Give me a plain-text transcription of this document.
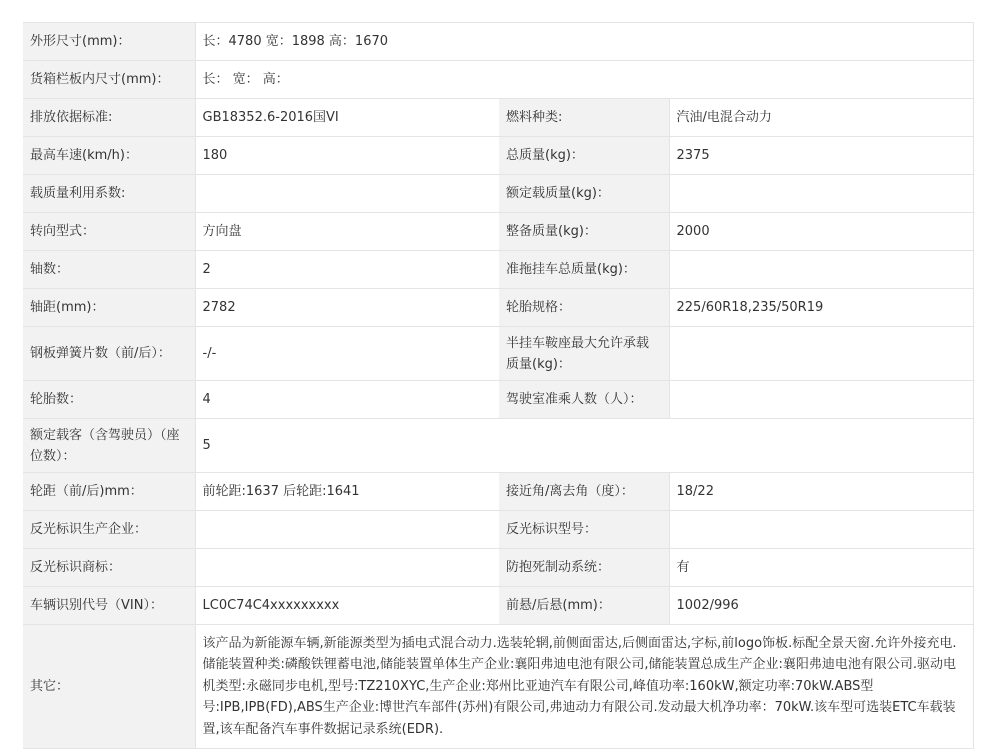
外形尺寸(mm)：	长：4780 宽：1898 高：1670		
货箱栏板内尺寸(mm)：	长： 宽： 高：		
排放依据标准:	GB18352.6-2016国VI	燃料种类:	汽油/电混合动力
最高车速(km/h)：	180	总质量(kg)：	2375
载质量利用系数:		额定载质量(kg)：	
转向型式：	方向盘	整备质量(kg)：	2000
轴数：	2	准拖挂车总质量(kg)：	
轴距(mm)：	2782	轮胎规格：	225/60R18,235/50R19
钢板弹簧片数（前/后）：	-/-	半挂车鞍座最大允许承载质量(kg)：	
轮胎数：	4	驾驶室准乘人数（人）：	
额定载客（含驾驶员）（座位数）：	5		
轮距（前/后)mm：	前轮距:1637 后轮距:1641	接近角/离去角（度）：	18/22
反光标识生产企业：		反光标识型号：	
反光标识商标：		防抱死制动系统：	有
车辆识别代号（VIN）：	LC0C74C4xxxxxxxxx	前悬/后悬(mm)：	1002/996
其它：	该产品为新能源车辆,新能源类型为插电式混合动力.选装轮辋,前侧面雷达,后侧面雷达,字标,前logo饰板.标配全景天窗.允许外接充电.储能装置种类:磷酸铁锂蓄电池,储能装置单体生产企业:襄阳弗迪电池有限公司,储能装置总成生产企业:襄阳弗迪电池有限公司.驱动电机类型:永磁同步电机,型号:TZ210XYC,生产企业:郑州比亚迪汽车有限公司,峰值功率:160kW,额定功率:70kW.ABS型号:IPB,IPB(FD),ABS生产企业:博世汽车部件(苏州)有限公司,弗迪动力有限公司.发动最大机净功率：70kW.该车型可选装ETC车载装置,该车配备汽车事件数据记录系统(EDR).		
